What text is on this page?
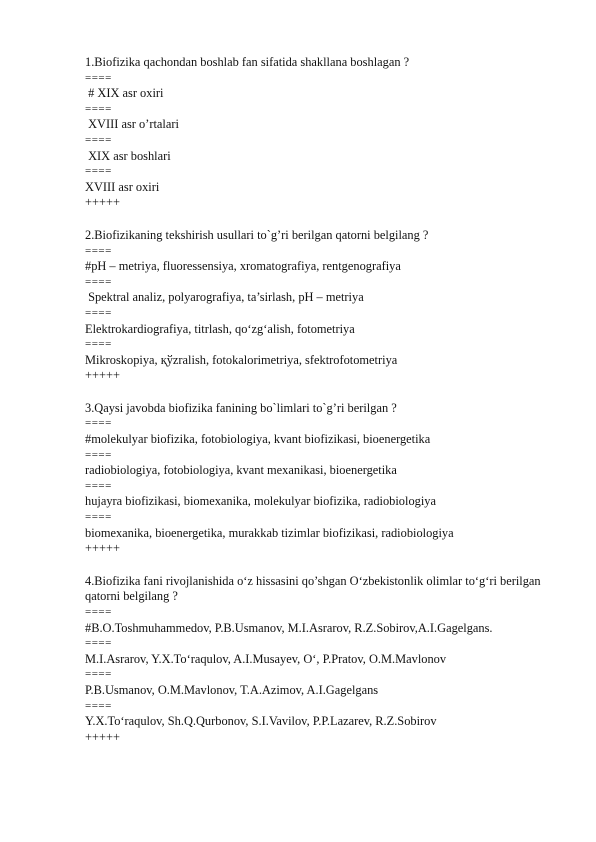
1.Biofizika qachondan boshlab fan sifatida shakllana boshlagan ?

====

# XIX asr oxiri

====

XVIII asr o’rtalari

====

XIX asr boshlari

====

XVIII asr oxiri

+++++

2.Biofizikaning tekshirish usullari to`g’ri berilgan qatorni belgilang ?

====

#pH – metriya, fluoressensiya, xromatografiya, rentgenografiya

====

Spektral analiz, polyarografiya, ta’sirlash, pH – metriya

====

Elektrokardiografiya, titrlash, qo‘zg‘alish, fotometriya

====

Mikroskopiya, қўzralish, fotokalorimetriya, sfektrofotometriya

+++++

3.Qaysi javobda biofizika fanining bo`limlari to`g’ri berilgan ?

====

#molekulyar biofizika, fotobiologiya, kvant biofizikasi, bioenergetika

====

radiobiologiya, fotobiologiya, kvant mexanikasi, bioenergetika

====

hujayra biofizikasi, biomexanika, molekulyar biofizika, radiobiologiya

====

biomexanika, bioenergetika, murakkab tizimlar biofizikasi, radiobiologiya

+++++

4.Biofizika fani rivojlanishida o‘z hissasini qo’shgan O‘zbekistonlik olimlar to‘g‘ri berilgan qatorni belgilang ?

====

#B.O.Toshmuhammedov, P.B.Usmanov, M.I.Asrarov, R.Z.Sobirov,A.I.Gagelgans.

====

M.I.Asrarov, Y.X.To‘raqulov, A.I.Musayev, O‘, P.Pratov, O.M.Mavlonov

====

P.B.Usmanov, O.M.Mavlonov, T.A.Azimov, A.I.Gagelgans

====

Y.X.To‘raqulov, Sh.Q.Qurbonov, S.I.Vavilov, P.P.Lazarev, R.Z.Sobirov

+++++
